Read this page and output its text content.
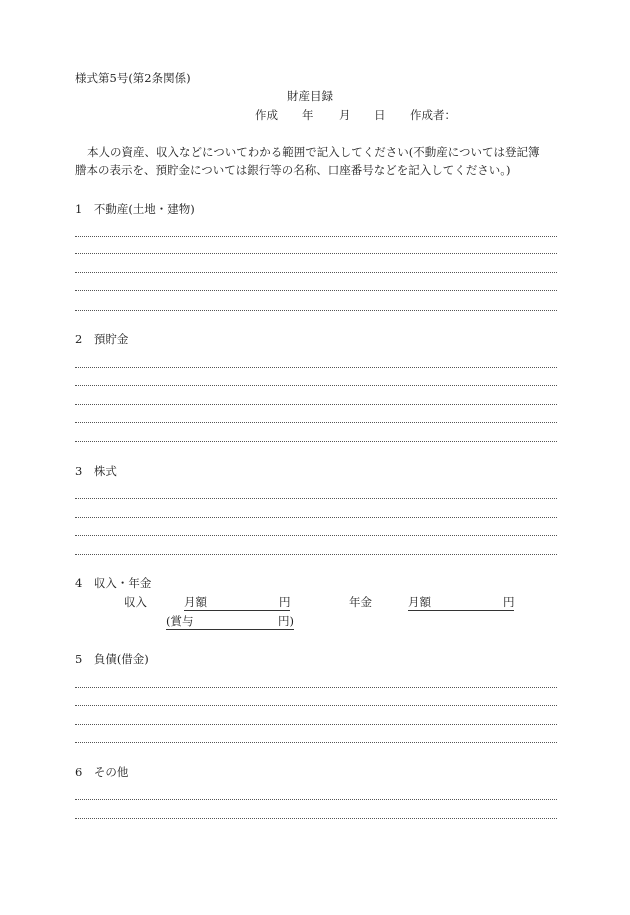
様式第5号(第2条関係)
財産目録
作成 年 月 日 作成者：
本人の資産、収入などについてわかる範囲で記入してください(不動産については登記簿
謄本の表示を、預貯金については銀行等の名称、口座番号などを記入してください。)
1　不動産(土地・建物)
2　預貯金
3　株式
4　収入・年金
収入	月額	円	年金	月額	円
(賞与	円)
5　負債(借金)
6　その他
